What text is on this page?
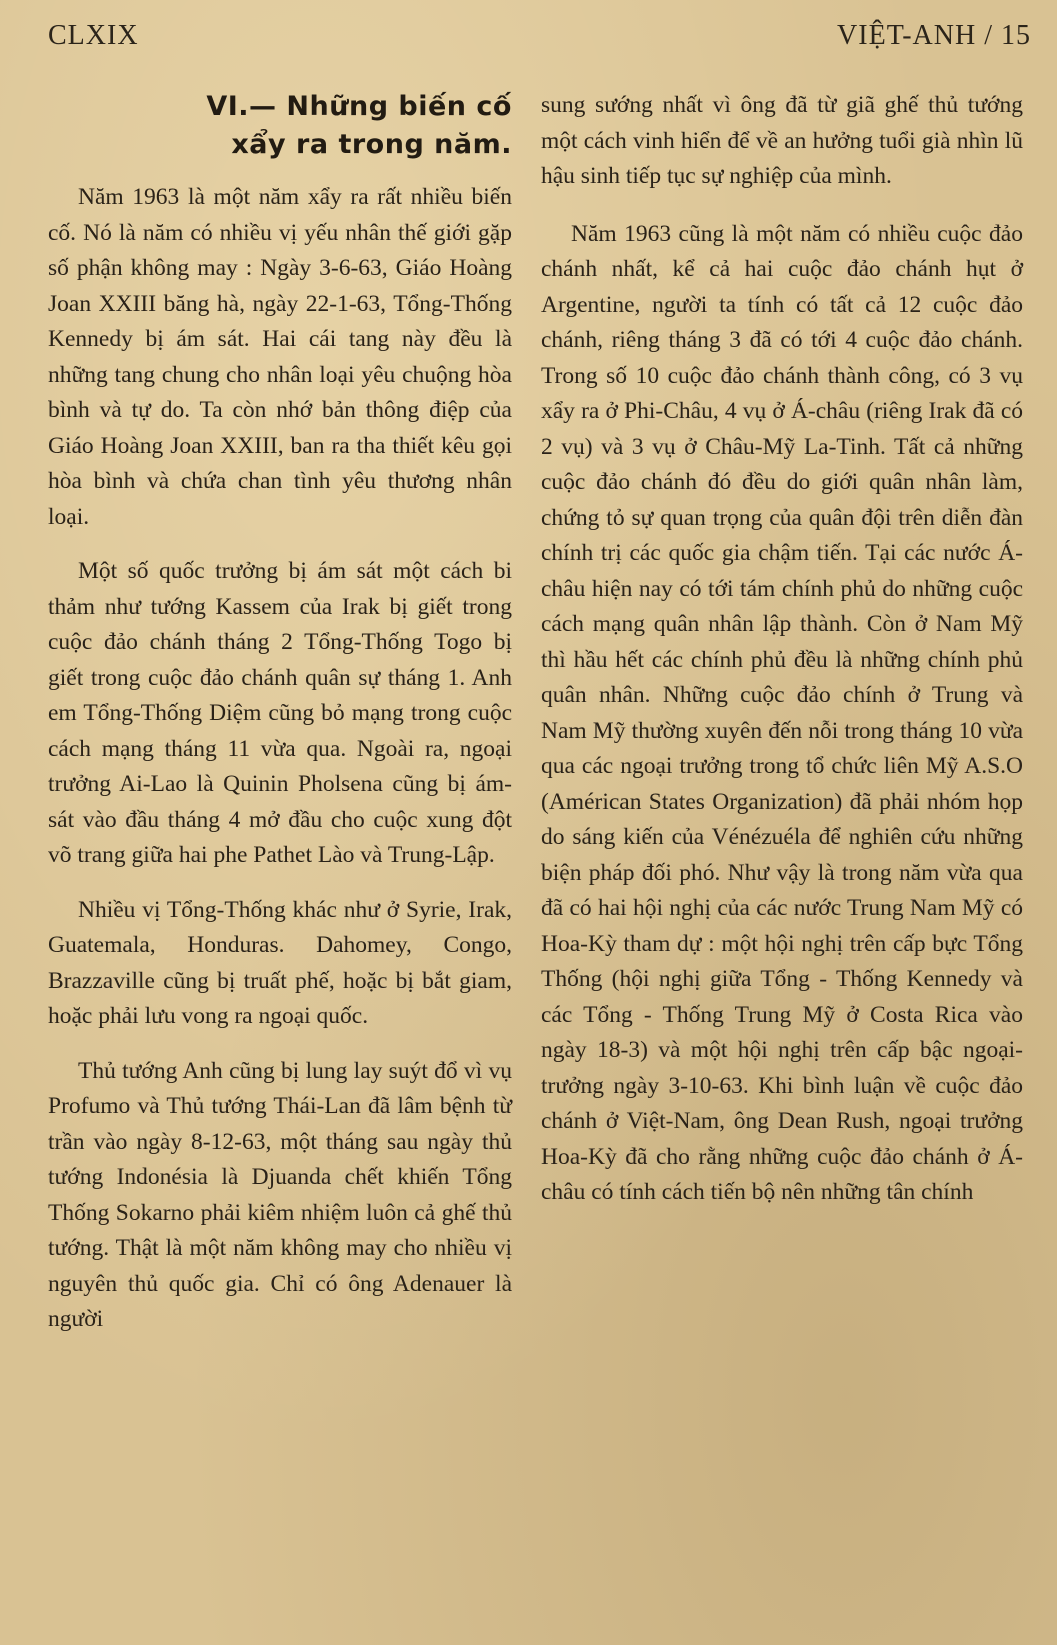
CLXIX	VIỆT-ANH / 15
VI.— Những biến cố
xẩy ra trong năm.

Năm 1963 là một năm xẩy ra rất nhiều biến cố. Nó là năm có nhiều vị yếu nhân thế giới gặp số phận không may : Ngày 3-6-63, Giáo Hoàng Joan XXIII băng hà, ngày 22-1-63, Tổng-Thống Kennedy bị ám sát. Hai cái tang này đều là những tang chung cho nhân loại yêu chuộng hòa bình và tự do. Ta còn nhớ bản thông điệp của Giáo Hoàng Joan XXIII, ban ra tha thiết kêu gọi hòa bình và chứa chan tình yêu thương nhân loại.

Một số quốc trưởng bị ám sát một cách bi thảm như tướng Kassem của Irak bị giết trong cuộc đảo chánh tháng 2 Tổng-Thống Togo bị giết trong cuộc đảo chánh quân sự tháng 1. Anh em Tổng-Thống Diệm cũng bỏ mạng trong cuộc cách mạng tháng 11 vừa qua. Ngoài ra, ngoại trưởng Ai-Lao là Quinin Pholsena cũng bị ám-sát vào đầu tháng 4 mở đầu cho cuộc xung đột võ trang giữa hai phe Pathet Lào và Trung-Lập.

Nhiều vị Tổng-Thống khác như ở Syrie, Irak, Guatemala, Honduras. Dahomey, Congo, Brazzaville cũng bị truất phế, hoặc bị bắt giam, hoặc phải lưu vong ra ngoại quốc.

Thủ tướng Anh cũng bị lung lay suýt đổ vì vụ Profumo và Thủ tướng Thái-Lan đã lâm bệnh từ trần vào ngày 8-12-63, một tháng sau ngày thủ tướng Indonésia là Djuanda chết khiến Tổng Thống Sokarno phải kiêm nhiệm luôn cả ghế thủ tướng. Thật là một năm không may cho nhiều vị nguyên thủ quốc gia. Chỉ có ông Adenauer là người

sung sướng nhất vì ông đã từ giã ghế thủ tướng một cách vinh hiển để về an hưởng tuổi già nhìn lũ hậu sinh tiếp tục sự nghiệp của mình.

Năm 1963 cũng là một năm có nhiều cuộc đảo chánh nhất, kể cả hai cuộc đảo chánh hụt ở Argentine, người ta tính có tất cả 12 cuộc đảo chánh, riêng tháng 3 đã có tới 4 cuộc đảo chánh. Trong số 10 cuộc đảo chánh thành công, có 3 vụ xẩy ra ở Phi-Châu, 4 vụ ở Á-châu (riêng Irak đã có 2 vụ) và 3 vụ ở Châu-Mỹ La-Tinh. Tất cả những cuộc đảo chánh đó đều do giới quân nhân làm, chứng tỏ sự quan trọng của quân đội trên diễn đàn chính trị các quốc gia chậm tiến. Tại các nước Á-châu hiện nay có tới tám chính phủ do những cuộc cách mạng quân nhân lập thành. Còn ở Nam Mỹ thì hầu hết các chính phủ đều là những chính phủ quân nhân. Những cuộc đảo chính ở Trung và Nam Mỹ thường xuyên đến nỗi trong tháng 10 vừa qua các ngoại trưởng trong tổ chức liên Mỹ A.S.O (Américan States Organization) đã phải nhóm họp do sáng kiến của Vénézuéla để nghiên cứu những biện pháp đối phó. Như vậy là trong năm vừa qua đã có hai hội nghị của các nước Trung Nam Mỹ có Hoa-Kỳ tham dự : một hội nghị trên cấp bực Tổng Thống (hội nghị giữa Tổng - Thống Kennedy và các Tổng - Thống Trung Mỹ ở Costa Rica vào ngày 18-3) và một hội nghị trên cấp bậc ngoại-trưởng ngày 3-10-63. Khi bình luận về cuộc đảo chánh ở Việt-Nam, ông Dean Rush, ngoại trưởng Hoa-Kỳ đã cho rằng những cuộc đảo chánh ở Á-châu có tính cách tiến bộ nên những tân chính
